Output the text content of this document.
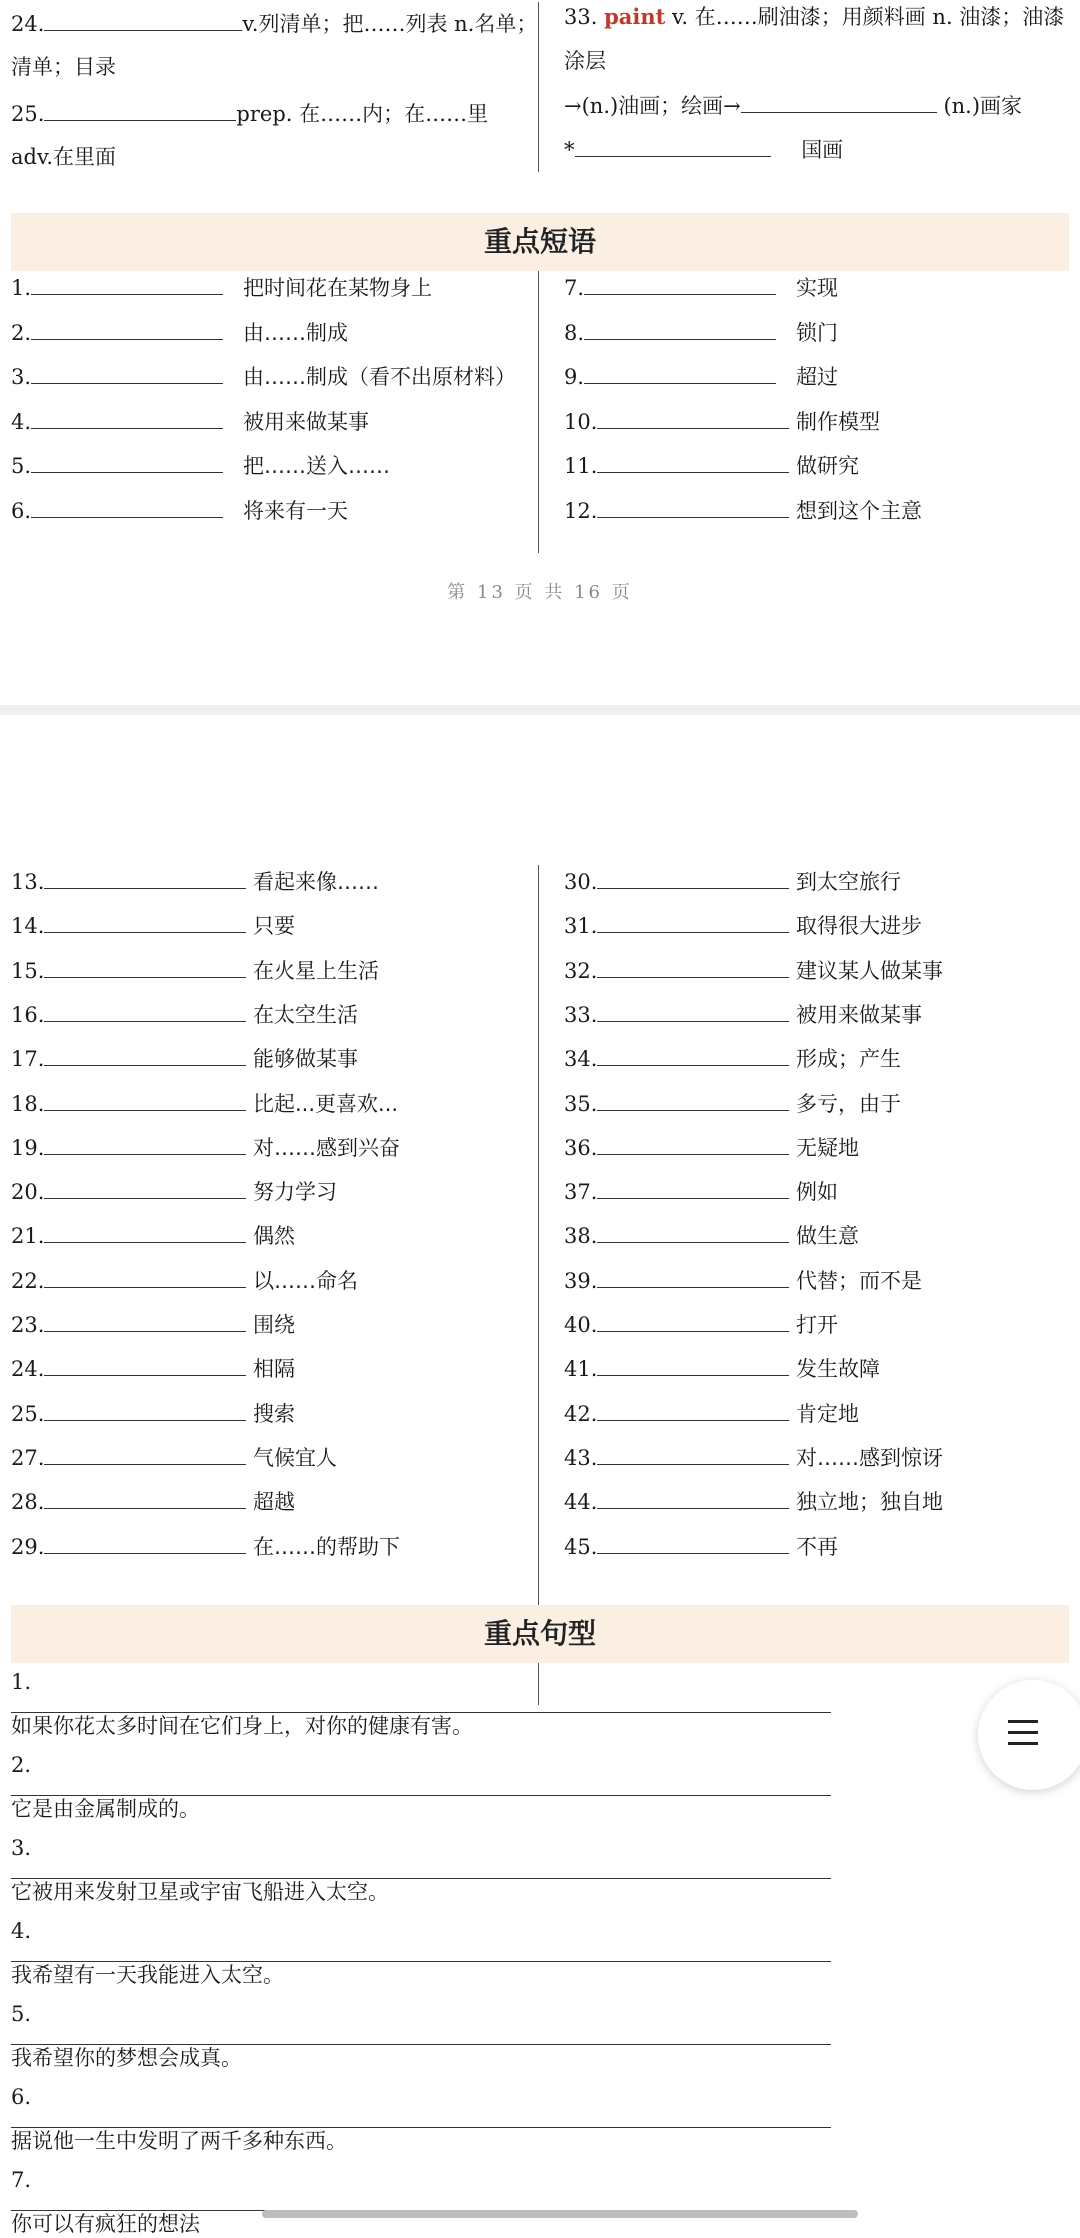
24.	v.列清单；把……列表 n.名单；
清单；目录
25.	prep. 在……内；在……里
adv.在里面
33. paint v. 在……刷油漆；用颜料画 n. 油漆；油漆
涂层
→(n.)油画；绘画→	(n.)画家
*	国画
重点短语
1.	把时间花在某物身上
2.	由……制成
3.	由……制成（看不出原材料）
4.	被用来做某事
5.	把……送入……
6.	将来有一天
7.	实现
8.	锁门
9.	超过
10.	制作模型
11.	做研究
12.	想到这个主意
第 13 页 共 16 页
13.	看起来像……
14.	只要
15.	在火星上生活
16.	在太空生活
17.	能够做某事
18.	比起...更喜欢...
19.	对……感到兴奋
20.	努力学习
21.	偶然
22.	以……命名
23.	围绕
24.	相隔
25.	搜索
27.	气候宜人
28.	超越
29.	在……的帮助下
30.	到太空旅行
31.	取得很大进步
32.	建议某人做某事
33.	被用来做某事
34.	形成；产生
35.	多亏，由于
36.	无疑地
37.	例如
38.	做生意
39.	代替；而不是
40.	打开
41.	发生故障
42.	肯定地
43.	对……感到惊讶
44.	独立地；独自地
45.	不再
重点句型
1.
如果你花太多时间在它们身上，对你的健康有害。
2.
它是由金属制成的。
3.
它被用来发射卫星或宇宙飞船进入太空。
4.
我希望有一天我能进入太空。
5.
我希望你的梦想会成真。
6.
据说他一生中发明了两千多种东西。
7.
你可以有疯狂的想法
